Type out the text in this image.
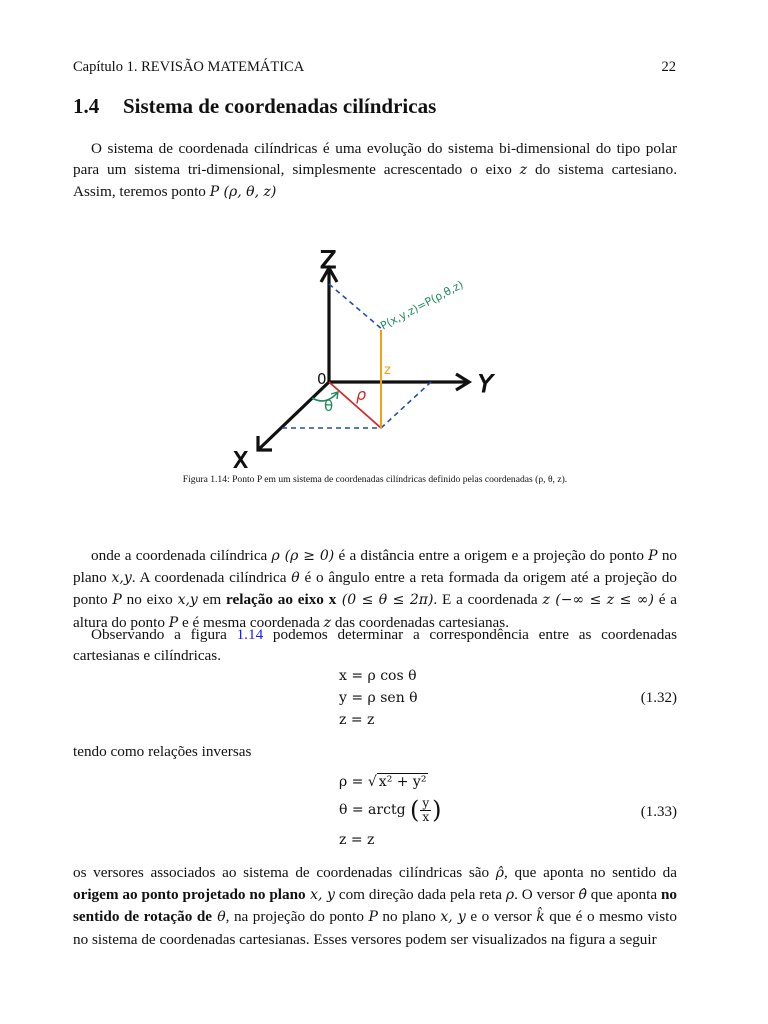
Capítulo 1. REVISÃO MATEMÁTICA	22
1.4 Sistema de coordenadas cilíndricas

O sistema de coordenada cilíndricas é uma evolução do sistema bi-dimensional do tipo polar para um sistema tri-dimensional, simplesmente acrescentado o eixo z do sistema cartesiano. Assim, teremos ponto P (ρ, θ, z)

Z
Y
X
0
θ
ρ
z
P(x,y,z)=P(ρ,θ,z)
Figura 1.14: Ponto P em um sistema de coordenadas cilíndricas definido pelas coordenadas (ρ, θ, z).

onde a coordenada cilíndrica ρ (ρ ≥ 0) é a distância entre a origem e a projeção do ponto P no plano x,y. A coordenada cilíndrica θ é o ângulo entre a reta formada da origem até a projeção do ponto P no eixo x,y em relação ao eixo x (0 ≤ θ ≤ 2π). E a coordenada z (−∞ ≤ z ≤ ∞) é a altura do ponto P e é mesma coordenada z das coordenadas cartesianas.

Observando a figura 1.14 podemos determinar a correspondência entre as coordenadas cartesianas e cilíndricas.

x = ρ cos θ
y = ρ sen θ
z = z
(1.32)

tendo como relações inversas

ρ = √ x² + y²
θ = arctg ( $\frac{y}{x}$ )
z = z
(1.33)

os versores associados ao sistema de coordenadas cilíndricas são ρ̂, que aponta no sentido da origem ao ponto projetado no plano x, y com direção dada pela reta ρ. O versor θ̂ que aponta no sentido de rotação de θ, na projeção do ponto P no plano x, y e o versor k̂ que é o mesmo visto no sistema de coordenadas cartesianas. Esses versores podem ser visualizados na figura a seguir
